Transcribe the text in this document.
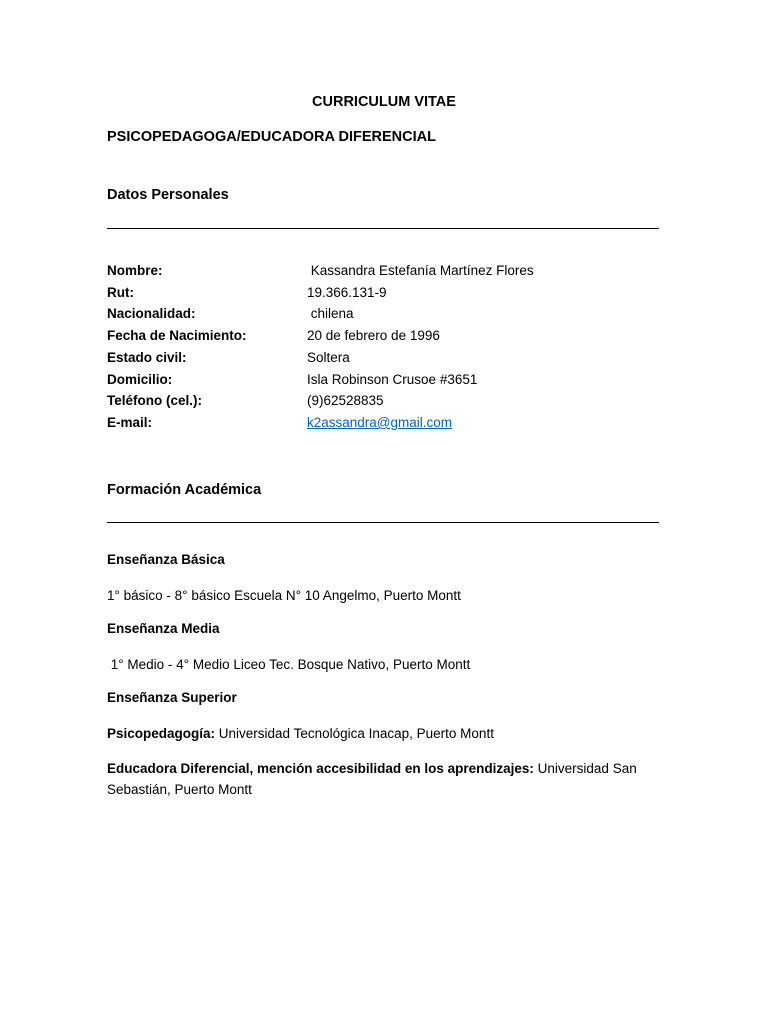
CURRICULUM VITAE
PSICOPEDAGOGA/EDUCADORA DIFERENCIAL
Datos Personales
Nombre:	Kassandra Estefanía Martínez Flores
Rut:	19.366.131-9
Nacionalidad:	chilena
Fecha de Nacimiento:	20 de febrero de 1996
Estado civil:	Soltera
Domicilio:	Isla Robinson Crusoe #3651
Teléfono (cel.):	(9)62528835
E-mail:	k2assandra@gmail.com
Formación Académica
Enseñanza Básica
1° básico - 8° básico Escuela N° 10 Angelmo, Puerto Montt
Enseñanza Media
1° Medio - 4° Medio Liceo Tec. Bosque Nativo, Puerto Montt
Enseñanza Superior
Psicopedagogía: Universidad Tecnológica Inacap, Puerto Montt
Educadora Diferencial, mención accesibilidad en los aprendizajes: Universidad San Sebastián, Puerto Montt
